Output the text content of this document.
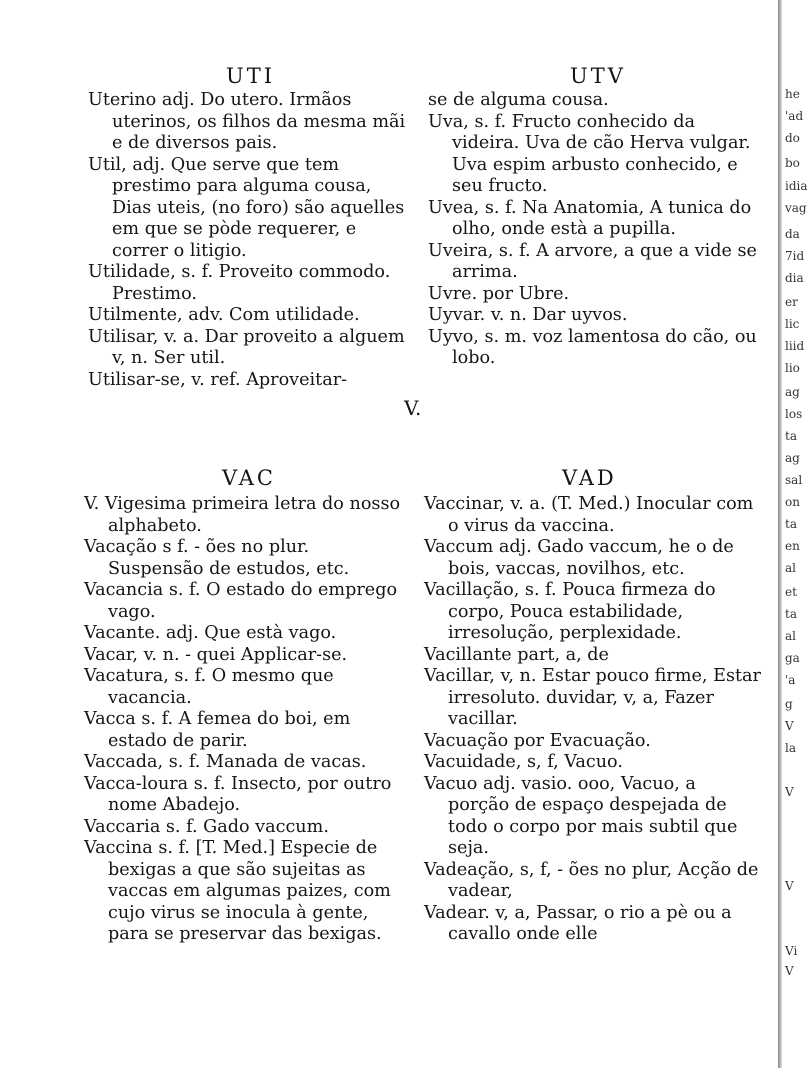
UTI	UTV

Uterino adj. Do utero. Irmãos uterinos, os filhos da mesma mãi e de diversos pais.

Util, adj. Que serve que tem prestimo para alguma cousa, Dias uteis, (no foro) são aquelles em que se pòde requerer, e correr o litigio.

Utilidade, s. f. Proveito commodo. Prestimo.

Utilmente, adv. Com utilidade.

Utilisar, v. a. Dar proveito a alguem v, n. Ser util.

Utilisar-se, v. ref. Aproveitar-

se de alguma cousa.

Uva, s. f. Fructo conhecido da videira. Uva de cão Herva vulgar. Uva espim arbusto conhecido, e seu fructo.

Uvea, s. f. Na Anatomia, A tunica do olho, onde està a pupilla.

Uveira, s. f. A arvore, a que a vide se arrima.

Uvre. por Ubre.

Uyvar. v. n. Dar uyvos.

Uyvo, s. m. voz lamentosa do cão, ou lobo.

V.
VAC	VAD

V. Vigesima primeira letra do nosso alphabeto.

Vacação s f. - ões no plur. Suspensão de estudos, etc.

Vacancia s. f. O estado do emprego vago.

Vacante. adj. Que està vago.

Vacar, v. n. - quei Applicar-se.

Vacatura, s. f. O mesmo que vacancia.

Vacca s. f. A femea do boi, em estado de parir.

Vaccada, s. f. Manada de vacas.

Vacca-loura s. f. Insecto, por outro nome Abadejo.

Vaccaria s. f. Gado vaccum.

Vaccina s. f. [T. Med.] Especie de bexigas a que são sujeitas as vaccas em algumas paizes, com cujo virus se inocula à gente, para se preservar das bexigas.

Vaccinar, v. a. (T. Med.) Inocular com o virus da vaccina.

Vaccum adj. Gado vaccum, he o de bois, vaccas, novilhos, etc.

Vacillação, s. f. Pouca firmeza do corpo, Pouca estabilidade, irresolução, perplexidade.

Vacillante part, a, de

Vacillar, v, n. Estar pouco firme, Estar irresoluto. duvidar, v, a, Fazer vacillar.

Vacuação por Evacuação.

Vacuidade, s, f, Vacuo.

Vacuo adj. vasio. ooo, Vacuo, a porção de espaço despejada de todo o corpo por mais subtil que seja.

Vadeação, s, f, - ões no plur, Acção de vadear,

Vadear. v, a, Passar, o rio a pè ou a cavallo onde elle

he
'ad
do
bo
idia
vag
da
7id
dia
er
lic
liid
lio
ag
los
ta
ag
sal
on
ta
en
al
et
ta
al
ga
'a
g
V
la
V
V
Vi
V
